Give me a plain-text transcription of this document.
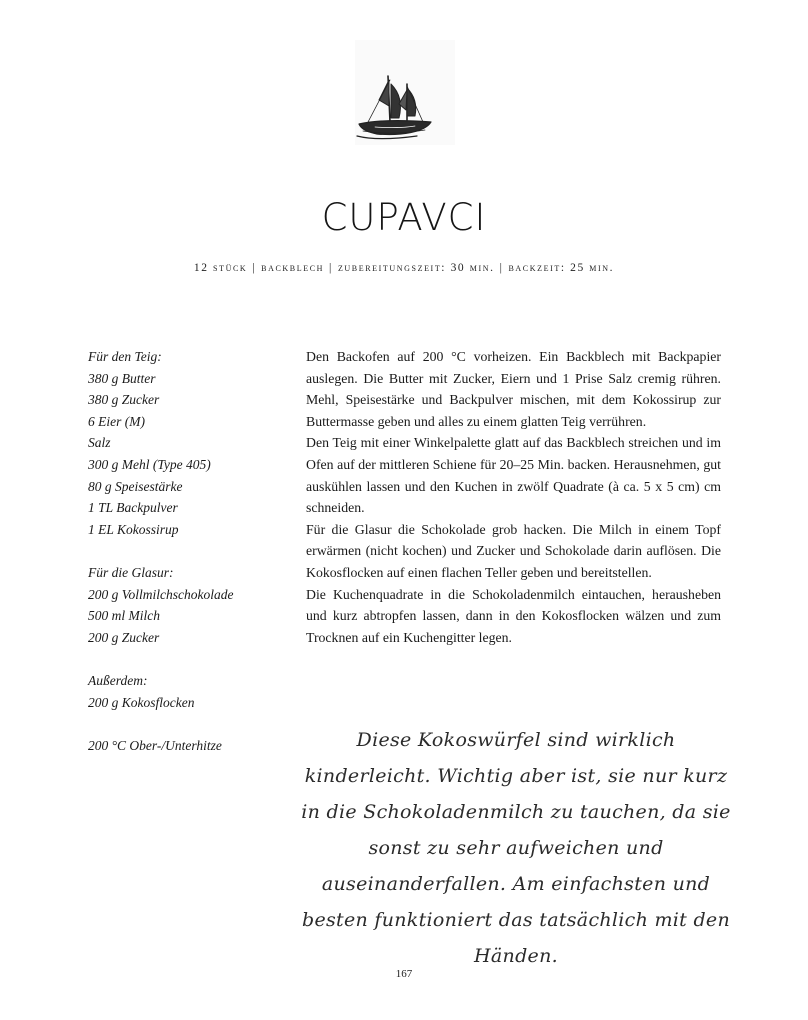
CUPAVCI
12 stück | backblech | zubereitungszeit: 30 min. | backzeit: 25 min.
Für den Teig:
380 g Butter
380 g Zucker
6 Eier (M)
Salz
300 g Mehl (Type 405)
80 g Speisestärke
1 TL Backpulver
1 EL Kokossirup
Für die Glasur:
200 g Vollmilchschokolade
500 ml Milch
200 g Zucker
Außerdem:
200 g Kokosflocken
200 °C Ober-/Unterhitze

Den Backofen auf 200 °C vorheizen. Ein Backblech mit Backpapier auslegen. Die Butter mit Zucker, Eiern und 1 Prise Salz cremig rühren. Mehl, Speisestärke und Backpulver mischen, mit dem Kokossirup zur Buttermasse geben und alles zu einem glatten Teig verrühren.

Den Teig mit einer Winkelpalette glatt auf das Backblech streichen und im Ofen auf der mittleren Schiene für 20–25 Min. backen. Herausnehmen, gut auskühlen lassen und den Kuchen in zwölf Quadrate (à ca. 5 x 5 cm) cm schneiden.

Für die Glasur die Schokolade grob hacken. Die Milch in einem Topf erwärmen (nicht kochen) und Zucker und Schokolade darin auflösen. Die Kokosflocken auf einen flachen Teller geben und bereitstellen.

Die Kuchenquadrate in die Schokoladenmilch eintauchen, herausheben und kurz abtropfen lassen, dann in den Kokosflocken wälzen und zum Trocknen auf ein Kuchengitter legen.

Diese Kokoswürfel sind wirklich kinderleicht. Wichtig aber ist, sie nur kurz in die Schokoladenmilch zu tauchen, da sie sonst zu sehr aufweichen und auseinanderfallen. Am einfachsten und besten funktioniert das tatsächlich mit den Händen.
167
